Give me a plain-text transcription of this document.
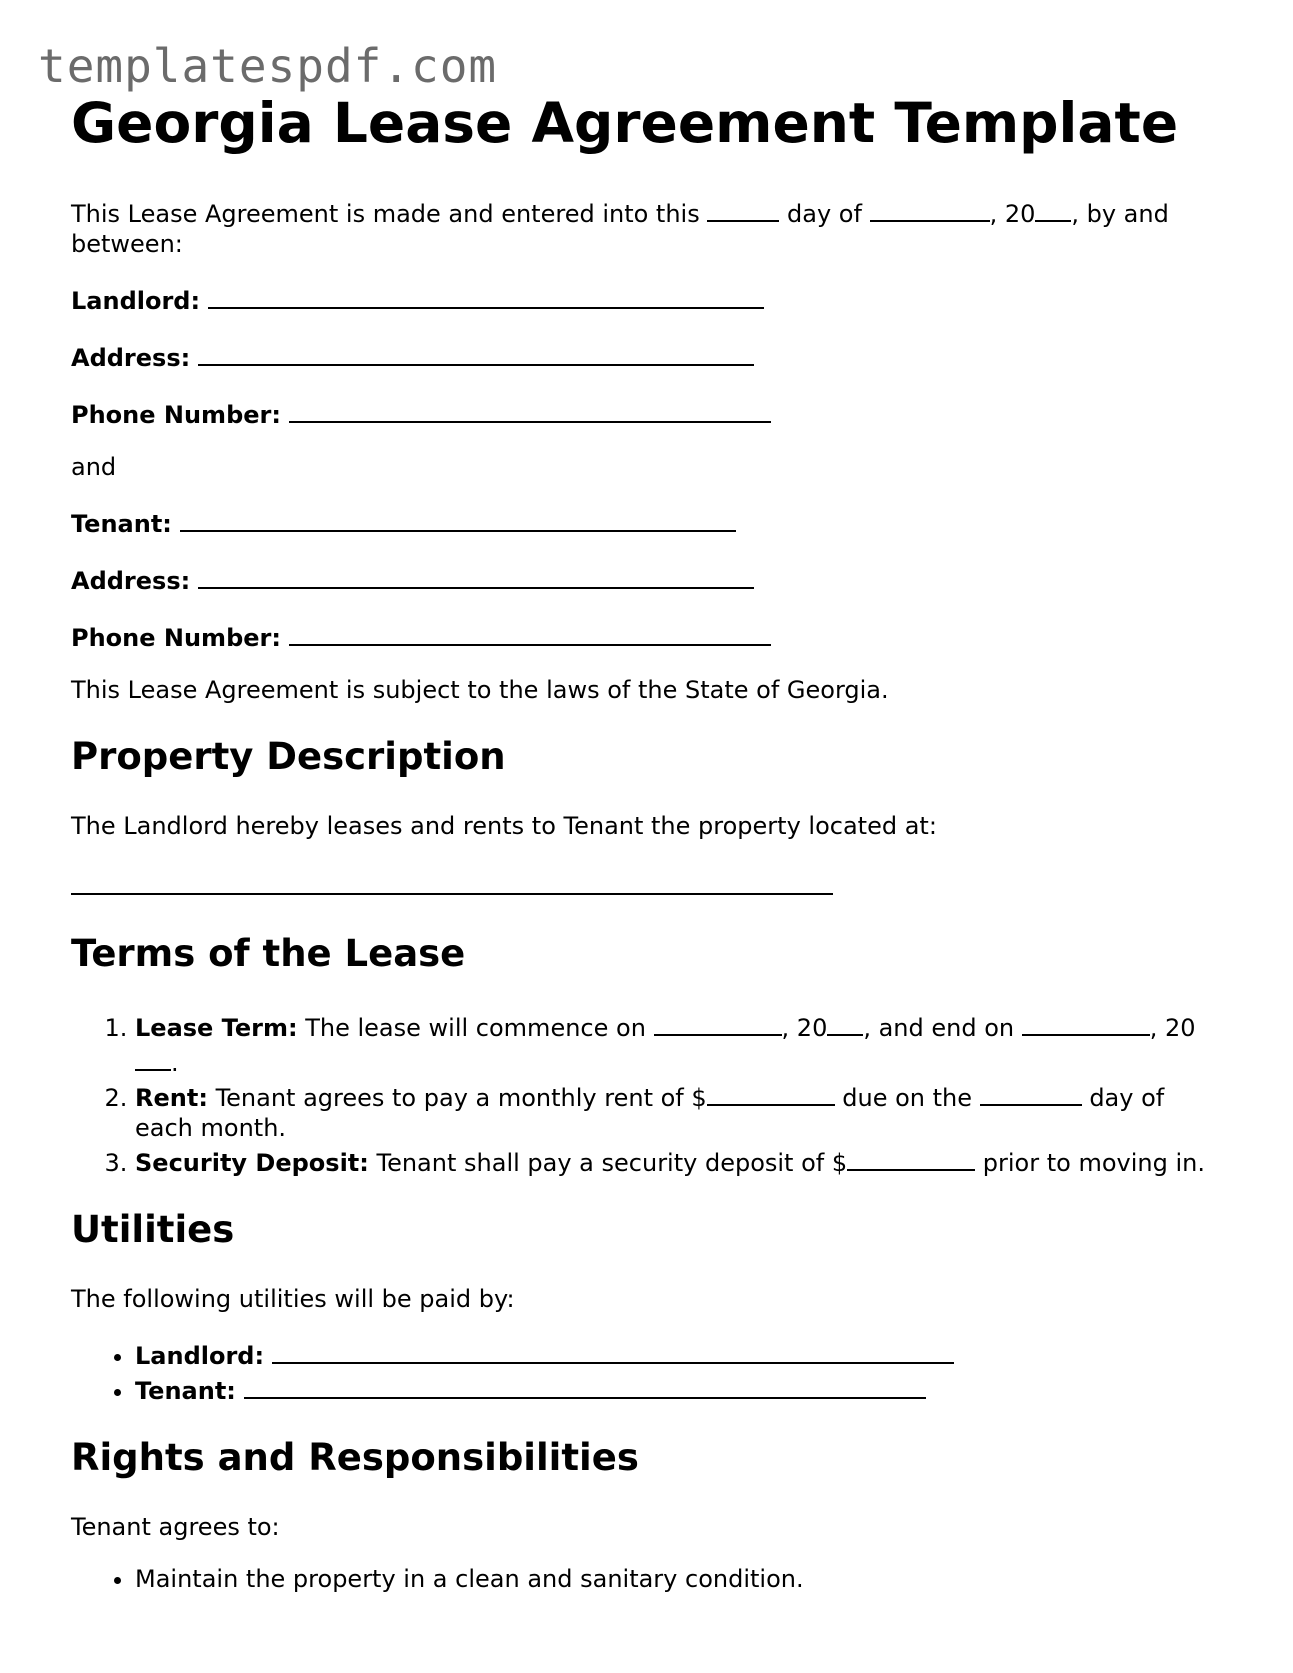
templatespdf.com
Georgia Lease Agreement Template

This Lease Agreement is made and entered into this	day of	, 20 , by and between:

Landlord:

Address:

Phone Number:

and

Tenant:

Address:

Phone Number:

This Lease Agreement is subject to the laws of the State of Georgia.

Property Description

The Landlord hereby leases and rents to Tenant the property located at:

Terms of the Lease
1. Lease Term: The lease will commence on	, 20 , and end on	, 20.
2. Rent: Tenant agrees to pay a monthly rent of $	due on the	day of each month.
3. Security Deposit: Tenant shall pay a security deposit of $	prior to moving in.
Utilities

The following utilities will be paid by:

• Landlord:
• Tenant:
Rights and Responsibilities

Tenant agrees to:

• Maintain the property in a clean and sanitary condition.
